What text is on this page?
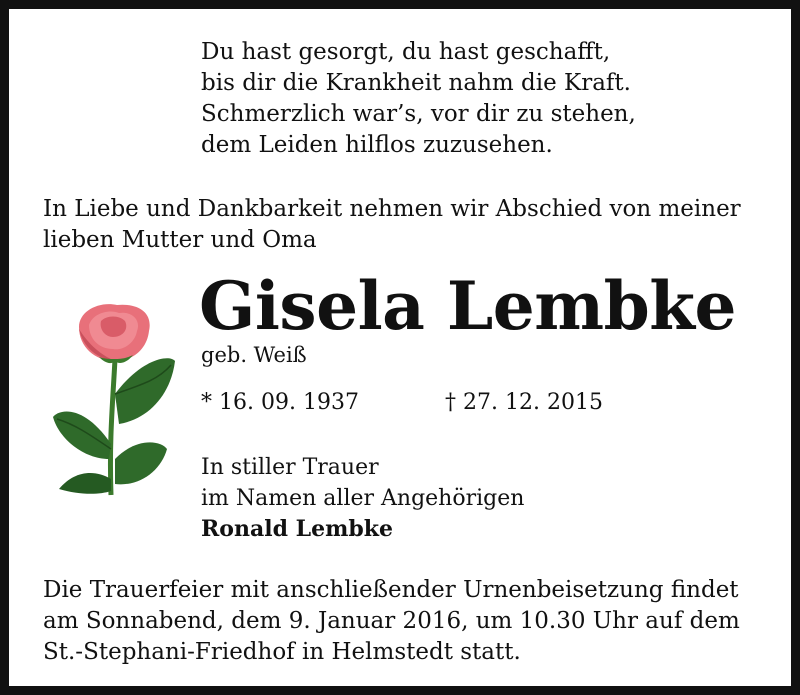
Du hast gesorgt, du hast geschafft,
bis dir die Krankheit nahm die Kraft.
Schmerzlich war’s, vor dir zu stehen,
dem Leiden hilflos zuzusehen.
In Liebe und Dankbarkeit nehmen wir Abschied von meiner
lieben Mutter und Oma
Gisela Lembke
geb. Weiß
* 16. 09. 1937	† 27. 12. 2015
In stiller Trauer
im Namen aller Angehörigen
Ronald Lembke
Die Trauerfeier mit anschließender Urnenbeisetzung findet
am Sonnabend, dem 9. Januar 2016, um 10.30 Uhr auf dem
St.-Stephani-Friedhof in Helmstedt statt.
